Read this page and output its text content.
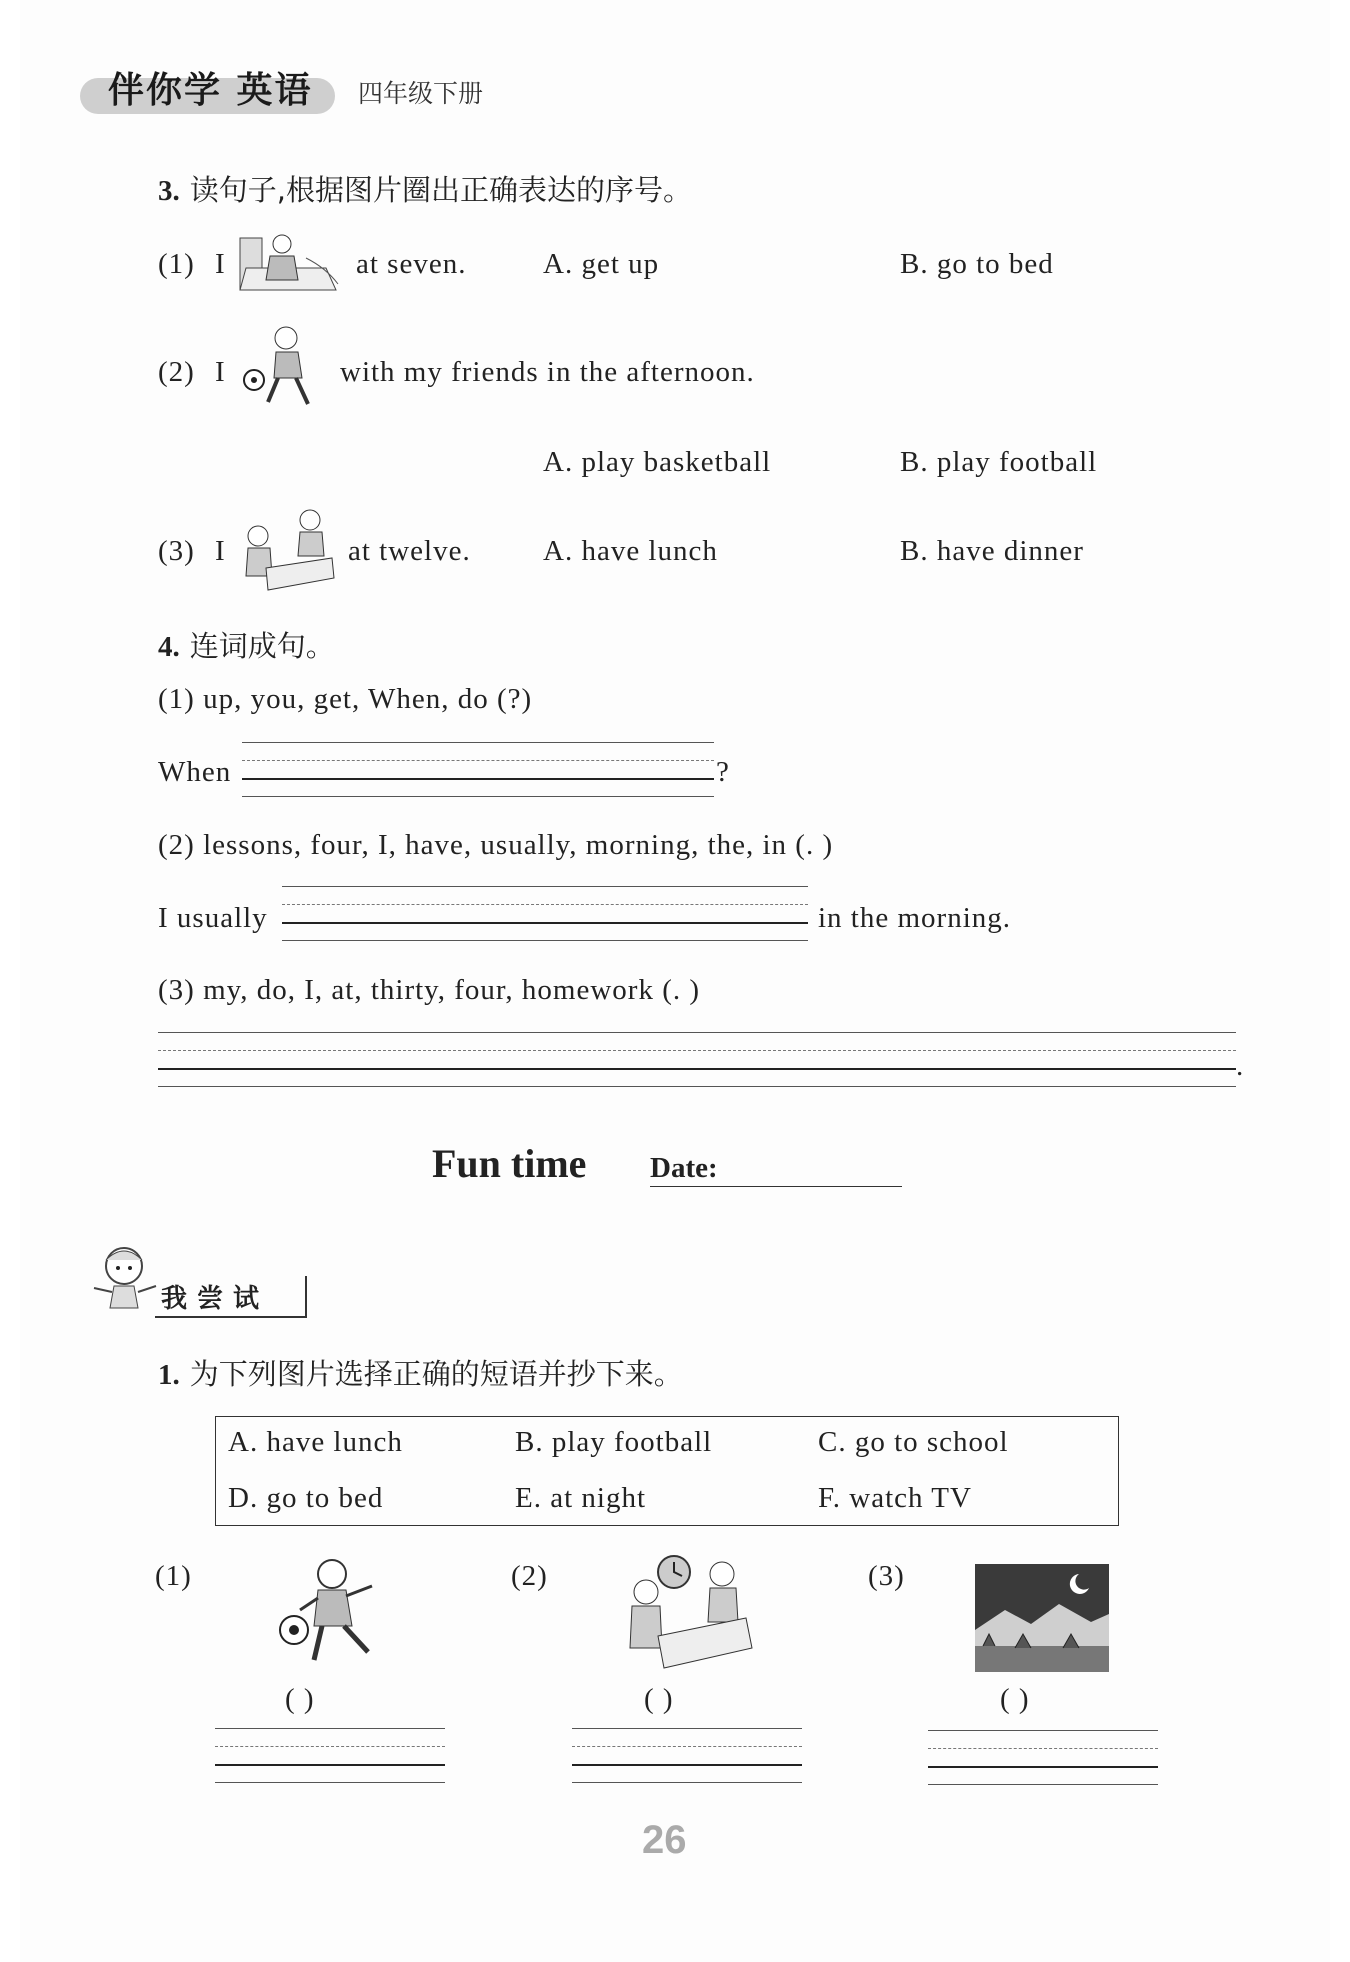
伴你学 英语 四年级下册
3. 读句子,根据图片圈出正确表达的序号。
(1) I	at seven.	A. get up	B. go to bed
(2) I	with my friends in the afternoon.
A. play basketball	B. play football
(3) I	at twelve. A. have lunch	B. have dinner
4. 连词成句。
(1) up, you, get, When, do (?)
When	?
(2) lessons, four, I, have, usually, morning, the, in (. )
I usually	in the morning.
(3) my, do, I, at, thirty, four, homework (. )
.
Fun time Date:
我尝试
1. 为下列图片选择正确的短语并抄下来。
A. have lunch	B. play football	C. go to school
D. go to bed	E. at night	F. watch TV
(1)
( )
(2)
( )
(3)
( )
26
